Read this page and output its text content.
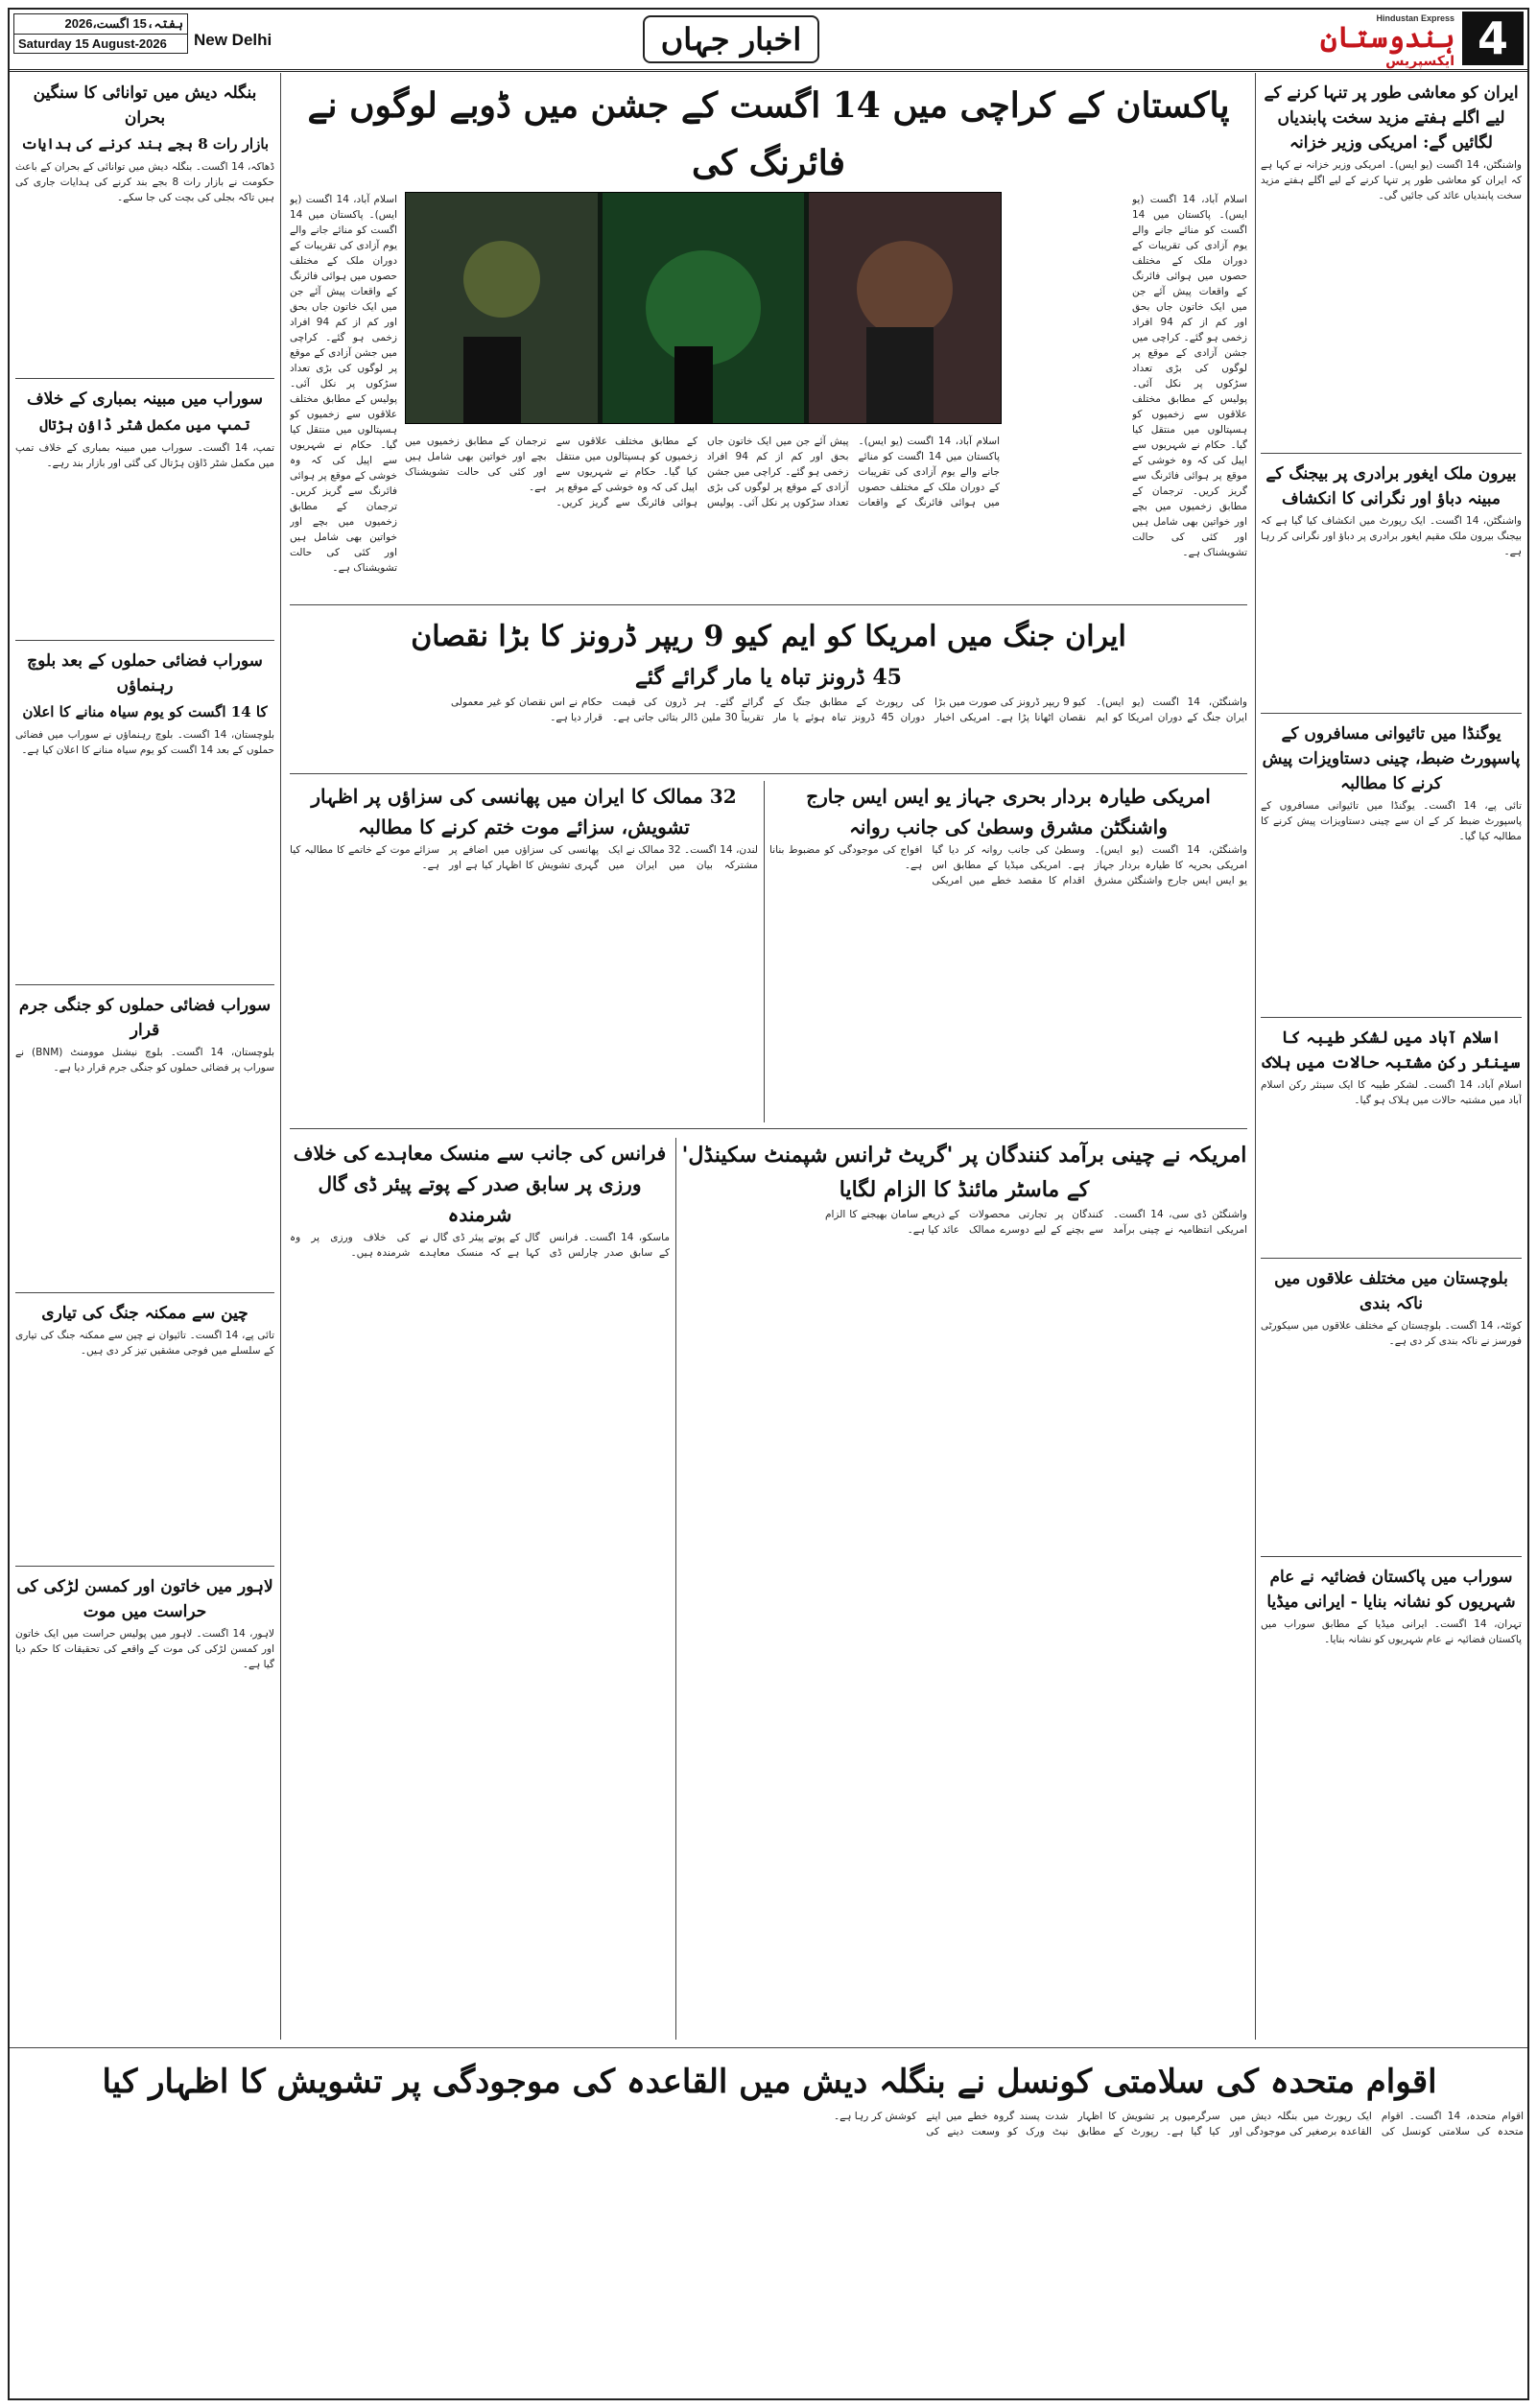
4
Hindustan Express
ہندوستان
ایکسپریس
اخبار جہاں
ہفتہ،15 اگست،2026
Saturday 15 August-2026	New Delhi
بنگلہ دیش میں توانائی کا سنگین بحران
بازار رات 8 بجے بند کرنے کی ہدایات
ڈھاکہ، 14 اگست۔ بنگلہ دیش میں توانائی کے بحران کے باعث حکومت نے بازار رات 8 بجے بند کرنے کی ہدایات جاری کی ہیں تاکہ بجلی کی بچت کی جا سکے۔
سوراب میں مبینہ بمباری کے خلاف
تمپ میں مکمل شٹر ڈاؤن ہڑتال
تمپ، 14 اگست۔ سوراب میں مبینہ بمباری کے خلاف تمپ میں مکمل شٹر ڈاؤن ہڑتال کی گئی اور بازار بند رہے۔
سوراب فضائی حملوں کے بعد بلوچ رہنماؤں
کا 14 اگست کو یوم سیاہ منانے کا اعلان
بلوچستان، 14 اگست۔ بلوچ رہنماؤں نے سوراب میں فضائی حملوں کے بعد 14 اگست کو یوم سیاہ منانے کا اعلان کیا ہے۔
سوراب فضائی حملوں کو جنگی جرم قرار
بلوچستان، 14 اگست۔ بلوچ نیشنل موومنٹ (BNM) نے سوراب پر فضائی حملوں کو جنگی جرم قرار دیا ہے۔
چین سے ممکنہ جنگ کی تیاری
تائی پے، 14 اگست۔ تائیوان نے چین سے ممکنہ جنگ کی تیاری کے سلسلے میں فوجی مشقیں تیز کر دی ہیں۔
لاہور میں خاتون اور کمسن لڑکی کی حراست میں موت
لاہور، 14 اگست۔ لاہور میں پولیس حراست میں ایک خاتون اور کمسن لڑکی کی موت کے واقعے کی تحقیقات کا حکم دیا گیا ہے۔
ایران کو معاشی طور پر تنہا کرنے کے لیے اگلے ہفتے مزید سخت پابندیاں لگائیں گے: امریکی وزیر خزانہ
واشنگٹن، 14 اگست (یو ایس)۔ امریکی وزیر خزانہ نے کہا ہے کہ ایران کو معاشی طور پر تنہا کرنے کے لیے اگلے ہفتے مزید سخت پابندیاں عائد کی جائیں گی۔
بیرون ملک ایغور برادری پر بیجنگ کے مبینہ دباؤ اور نگرانی کا انکشاف
واشنگٹن، 14 اگست۔ ایک رپورٹ میں انکشاف کیا گیا ہے کہ بیجنگ بیرون ملک مقیم ایغور برادری پر دباؤ اور نگرانی کر رہا ہے۔
یوگنڈا میں تائیوانی مسافروں کے پاسپورٹ ضبط، چینی دستاویزات پیش کرنے کا مطالبہ
تائی پے، 14 اگست۔ یوگنڈا میں تائیوانی مسافروں کے پاسپورٹ ضبط کر کے ان سے چینی دستاویزات پیش کرنے کا مطالبہ کیا گیا۔
اسلام آباد میں لشکر طیبہ کا سینئر رکن مشتبہ حالات میں ہلاک
اسلام آباد، 14 اگست۔ لشکر طیبہ کا ایک سینئر رکن اسلام آباد میں مشتبہ حالات میں ہلاک ہو گیا۔
بلوچستان میں مختلف علاقوں میں ناکہ بندی
کوئٹہ، 14 اگست۔ بلوچستان کے مختلف علاقوں میں سیکورٹی فورسز نے ناکہ بندی کر دی ہے۔
سوراب میں پاکستان فضائیہ نے عام شہریوں کو نشانہ بنایا - ایرانی میڈیا
تہران، 14 اگست۔ ایرانی میڈیا کے مطابق سوراب میں پاکستان فضائیہ نے عام شہریوں کو نشانہ بنایا۔
پاکستان کے کراچی میں 14 اگست کے جشن میں ڈوبے لوگوں نے فائرنگ کی
اسلام آباد، 14 اگست (یو ایس)۔ پاکستان میں 14 اگست کو منائے جانے والے یوم آزادی کی تقریبات کے دوران ملک کے مختلف حصوں میں ہوائی فائرنگ کے واقعات پیش آئے جن میں ایک خاتون جاں بحق اور کم از کم 94 افراد زخمی ہو گئے۔ کراچی میں جشن آزادی کے موقع پر لوگوں کی بڑی تعداد سڑکوں پر نکل آئی۔ پولیس کے مطابق مختلف علاقوں سے زخمیوں کو ہسپتالوں میں منتقل کیا گیا۔ حکام نے شہریوں سے اپیل کی کہ وہ خوشی کے موقع پر ہوائی فائرنگ سے گریز کریں۔ ترجمان کے مطابق زخمیوں میں بچے اور خواتین بھی شامل ہیں اور کئی کی حالت تشویشناک ہے۔
اسلام آباد، 14 اگست (یو ایس)۔ پاکستان میں 14 اگست کو منائے جانے والے یوم آزادی کی تقریبات کے دوران ملک کے مختلف حصوں میں ہوائی فائرنگ کے واقعات پیش آئے جن میں ایک خاتون جاں بحق اور کم از کم 94 افراد زخمی ہو گئے۔ کراچی میں جشن آزادی کے موقع پر لوگوں کی بڑی تعداد سڑکوں پر نکل آئی۔ پولیس کے مطابق مختلف علاقوں سے زخمیوں کو ہسپتالوں میں منتقل کیا گیا۔ حکام نے شہریوں سے اپیل کی کہ وہ خوشی کے موقع پر ہوائی فائرنگ سے گریز کریں۔ ترجمان کے مطابق زخمیوں میں بچے اور خواتین بھی شامل ہیں اور کئی کی حالت تشویشناک ہے۔
اسلام آباد، 14 اگست (یو ایس)۔ پاکستان میں 14 اگست کو منائے جانے والے یوم آزادی کی تقریبات کے دوران ملک کے مختلف حصوں میں ہوائی فائرنگ کے واقعات پیش آئے جن میں ایک خاتون جاں بحق اور کم از کم 94 افراد زخمی ہو گئے۔ کراچی میں جشن آزادی کے موقع پر لوگوں کی بڑی تعداد سڑکوں پر نکل آئی۔ پولیس کے مطابق مختلف علاقوں سے زخمیوں کو ہسپتالوں میں منتقل کیا گیا۔ حکام نے شہریوں سے اپیل کی کہ وہ خوشی کے موقع پر ہوائی فائرنگ سے گریز کریں۔ ترجمان کے مطابق زخمیوں میں بچے اور خواتین بھی شامل ہیں اور کئی کی حالت تشویشناک ہے۔
ایران جنگ میں امریکا کو ایم کیو 9 ریپر ڈرونز کا بڑا نقصان
45 ڈرونز تباہ یا مار گرائے گئے
واشنگٹن، 14 اگست (یو ایس)۔ ایران جنگ کے دوران امریکا کو ایم کیو 9 ریپر ڈرونز کی صورت میں بڑا نقصان اٹھانا پڑا ہے۔ امریکی اخبار کی رپورٹ کے مطابق جنگ کے دوران 45 ڈرونز تباہ ہوئے یا مار گرائے گئے۔ ہر ڈرون کی قیمت تقریباً 30 ملین ڈالر بتائی جاتی ہے۔ حکام نے اس نقصان کو غیر معمولی قرار دیا ہے۔
امریکی طیارہ بردار بحری جہاز یو ایس ایس جارج واشنگٹن مشرق وسطیٰ کی جانب روانہ
واشنگٹن، 14 اگست (یو ایس)۔ امریکی بحریہ کا طیارہ بردار جہاز یو ایس ایس جارج واشنگٹن مشرق وسطیٰ کی جانب روانہ کر دیا گیا ہے۔ امریکی میڈیا کے مطابق اس اقدام کا مقصد خطے میں امریکی افواج کی موجودگی کو مضبوط بنانا ہے۔
32 ممالک کا ایران میں پھانسی کی سزاؤں پر اظہار تشویش، سزائے موت ختم کرنے کا مطالبہ
لندن، 14 اگست۔ 32 ممالک نے ایک مشترکہ بیان میں ایران میں پھانسی کی سزاؤں میں اضافے پر گہری تشویش کا اظہار کیا ہے اور سزائے موت کے خاتمے کا مطالبہ کیا ہے۔
امریکہ نے چینی برآمد کنندگان پر 'گریٹ ٹرانس شپمنٹ سکینڈل' کے ماسٹر مائنڈ کا الزام لگایا
واشنگٹن ڈی سی، 14 اگست۔ امریکی انتظامیہ نے چینی برآمد کنندگان پر تجارتی محصولات سے بچنے کے لیے دوسرے ممالک کے ذریعے سامان بھیجنے کا الزام عائد کیا ہے۔
فرانس کی جانب سے منسک معاہدے کی خلاف ورزی پر سابق صدر کے پوتے پیئر ڈی گال شرمندہ
ماسکو، 14 اگست۔ فرانس کے سابق صدر چارلس ڈی گال کے پوتے پیئر ڈی گال نے کہا ہے کہ منسک معاہدے کی خلاف ورزی پر وہ شرمندہ ہیں۔
اقوام متحدہ کی سلامتی کونسل نے بنگلہ دیش میں القاعدہ کی موجودگی پر تشویش کا اظہار کیا
اقوام متحدہ، 14 اگست۔ اقوام متحدہ کی سلامتی کونسل کی ایک رپورٹ میں بنگلہ دیش میں القاعدہ برصغیر کی موجودگی اور سرگرمیوں پر تشویش کا اظہار کیا گیا ہے۔ رپورٹ کے مطابق شدت پسند گروہ خطے میں اپنے نیٹ ورک کو وسعت دینے کی کوشش کر رہا ہے۔
